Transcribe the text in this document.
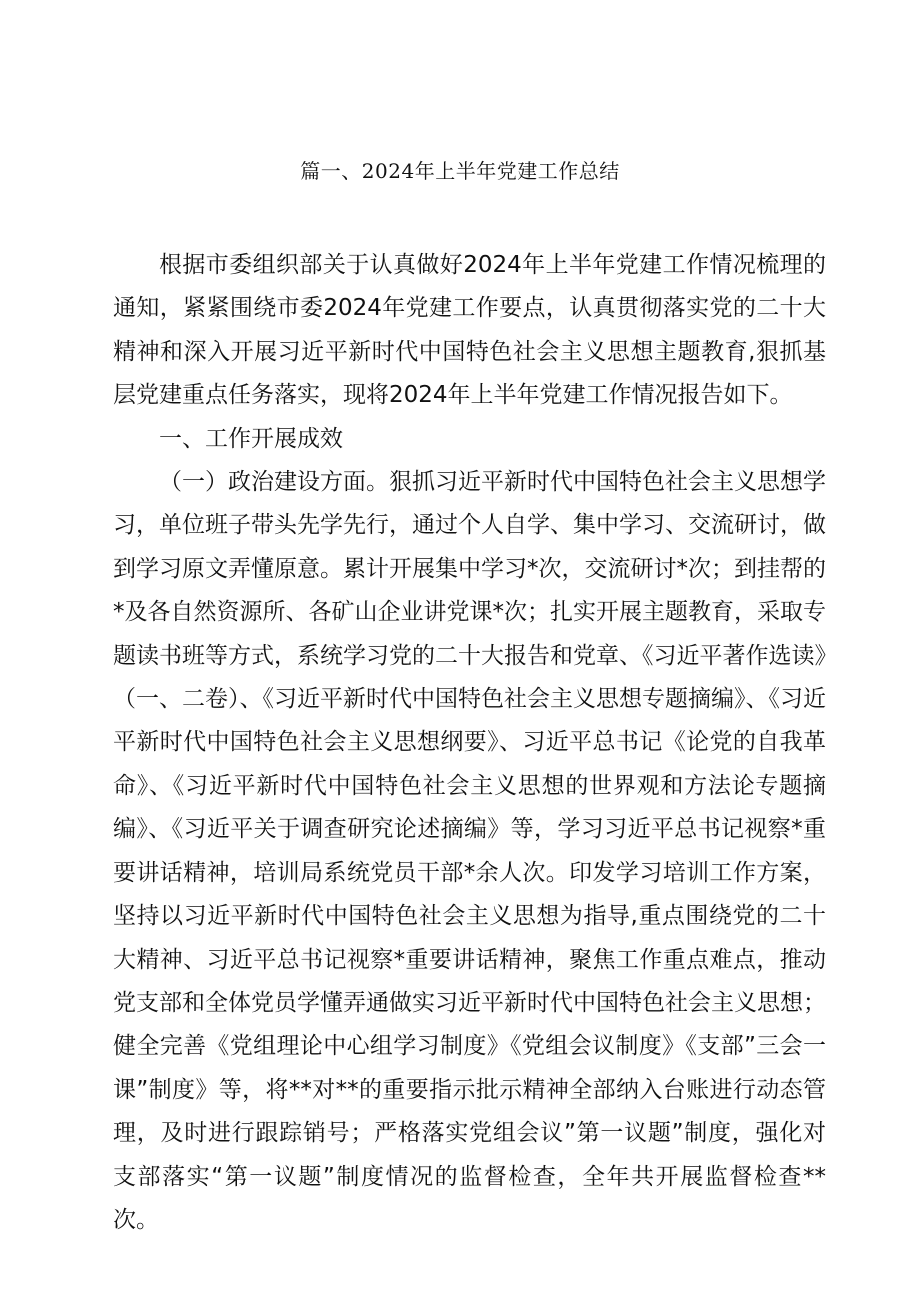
篇一、2024年上半年党建工作总结

根据市委组织部关于认真做好2024年上半年党建工作情况梳理的通知，紧紧围绕市委2024年党建工作要点，认真贯彻落实党的二十大精神和深入开展习近平新时代中国特色社会主义思想主题教育,狠抓基层党建重点任务落实，现将2024年上半年党建工作情况报告如下。

一、工作开展成效

（一）政治建设方面。狠抓习近平新时代中国特色社会主义思想学习，单位班子带头先学先行，通过个人自学、集中学习、交流研讨，做到学习原文弄懂原意。累计开展集中学习*次，交流研讨*次；到挂帮的*及各自然资源所、各矿山企业讲党课*次；扎实开展主题教育，采取专题读书班等方式，系统学习党的二十大报告和党章、《习近平著作选读》（一、二卷）、《习近平新时代中国特色社会主义思想专题摘编》、《习近平新时代中国特色社会主义思想纲要》、习近平总书记《论党的自我革命》、《习近平新时代中国特色社会主义思想的世界观和方法论专题摘编》、《习近平关于调查研究论述摘编》等，学习习近平总书记视察*重要讲话精神，培训局系统党员干部*余人次。印发学习培训工作方案，坚持以习近平新时代中国特色社会主义思想为指导,重点围绕党的二十大精神、习近平总书记视察*重要讲话精神，聚焦工作重点难点，推动党支部和全体党员学懂弄通做实习近平新时代中国特色社会主义思想；健全完善《党组理论中心组学习制度》《党组会议制度》《支部”三会一课”制度》等，将**对**的重要指示批示精神全部纳入台账进行动态管理，及时进行跟踪销号；严格落实党组会议”第一议题”制度，强化对支部落实“第一议题”制度情况的监督检查，全年共开展监督检查**次。
